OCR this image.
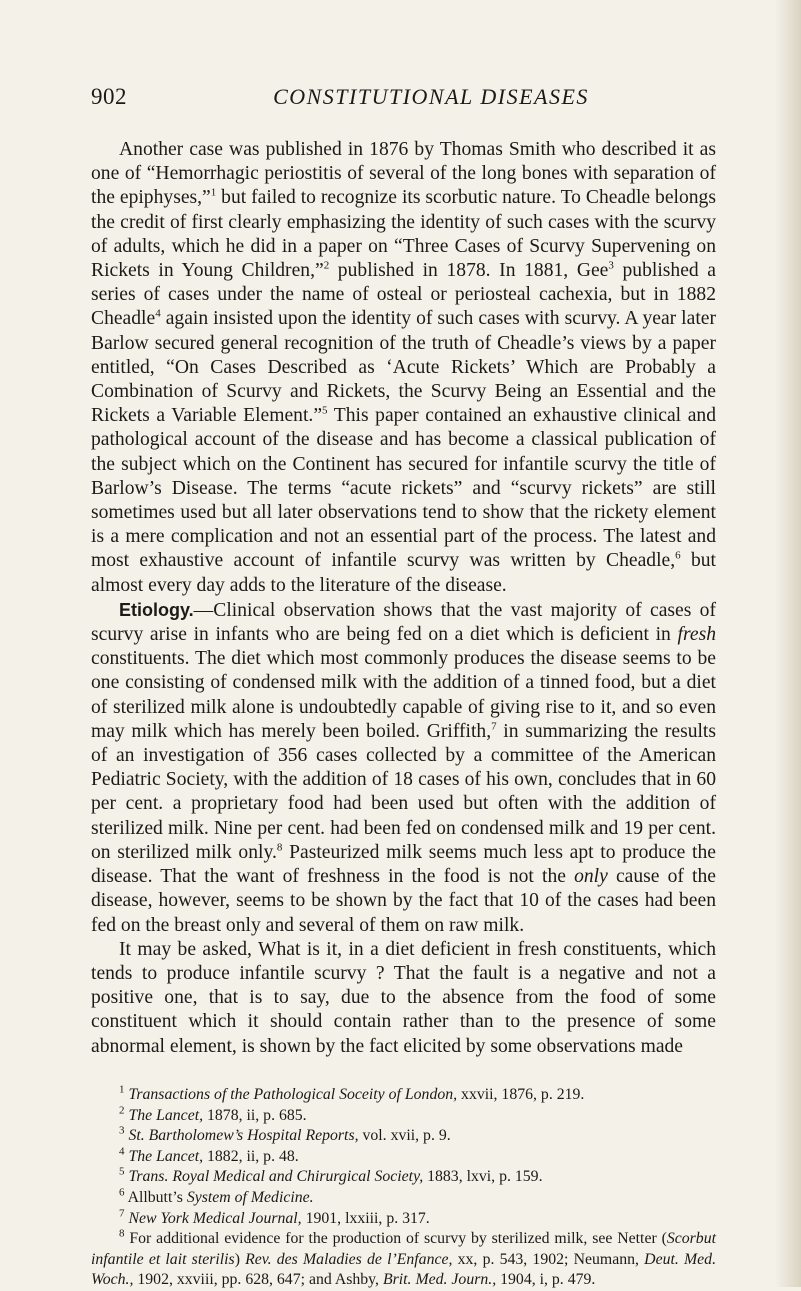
902	CONSTITUTIONAL DISEASES

Another case was published in 1876 by Thomas Smith who described it as one of “Hemorrhagic periostitis of several of the long bones with separation of the epiphyses,”$^1$ but failed to recognize its scorbutic nature. To Cheadle belongs the credit of first clearly emphasizing the identity of such cases with the scurvy of adults, which he did in a paper on “Three Cases of Scurvy Supervening on Rickets in Young Children,”$^2$ published in 1878. In 1881, Gee$^3$ published a series of cases under the name of osteal or periosteal cachexia, but in 1882 Cheadle$^4$ again insisted upon the identity of such cases with scurvy. A year later Barlow secured general recognition of the truth of Cheadle’s views by a paper entitled, “On Cases Described as ‘Acute Rickets’ Which are Probably a Combination of Scurvy and Rickets, the Scurvy Being an Essential and the Rickets a Variable Element.”$^5$ This paper contained an exhaustive clinical and pathological account of the disease and has become a classical publication of the subject which on the Continent has secured for infantile scurvy the title of Barlow’s Disease. The terms “acute rickets” and “scurvy rickets” are still sometimes used but all later observations tend to show that the rickety element is a mere complication and not an essential part of the process. The latest and most exhaustive account of infantile scurvy was written by Cheadle,$^6$ but almost every day adds to the literature of the disease.

Etiology.—Clinical observation shows that the vast majority of cases of scurvy arise in infants who are being fed on a diet which is deficient in fresh constituents. The diet which most commonly produces the disease seems to be one consisting of condensed milk with the addition of a tinned food, but a diet of sterilized milk alone is undoubtedly capable of giving rise to it, and so even may milk which has merely been boiled. Griffith,$^7$ in summarizing the results of an investigation of 356 cases collected by a committee of the American Pediatric Society, with the addition of 18 cases of his own, concludes that in 60 per cent. a proprietary food had been used but often with the addition of sterilized milk. Nine per cent. had been fed on condensed milk and 19 per cent. on sterilized milk only.$^8$ Pasteurized milk seems much less apt to produce the disease. That the want of freshness in the food is not the only cause of the disease, however, seems to be shown by the fact that 10 of the cases had been fed on the breast only and several of them on raw milk.

It may be asked, What is it, in a diet deficient in fresh constituents, which tends to produce infantile scurvy ? That the fault is a negative and not a positive one, that is to say, due to the absence from the food of some constituent which it should contain rather than to the presence of some abnormal element, is shown by the fact elicited by some observations made

$^1$ Transactions of the Pathological Soceity of London, xxvii, 1876, p. 219.

$^2$ The Lancet, 1878, ii, p. 685.

$^3$ St. Bartholomew’s Hospital Reports, vol. xvii, p. 9.

$^4$ The Lancet, 1882, ii, p. 48.

$^5$ Trans. Royal Medical and Chirurgical Society, 1883, lxvi, p. 159.

$^6$ Allbutt’s System of Medicine.

$^7$ New York Medical Journal, 1901, lxxiii, p. 317.

$^8$ For additional evidence for the production of scurvy by sterilized milk, see Netter (Scorbut infantile et lait sterilis) Rev. des Maladies de l’Enfance, xx, p. 543, 1902; Neumann, Deut. Med. Woch., 1902, xxviii, pp. 628, 647; and Ashby, Brit. Med. Journ., 1904, i, p. 479.
